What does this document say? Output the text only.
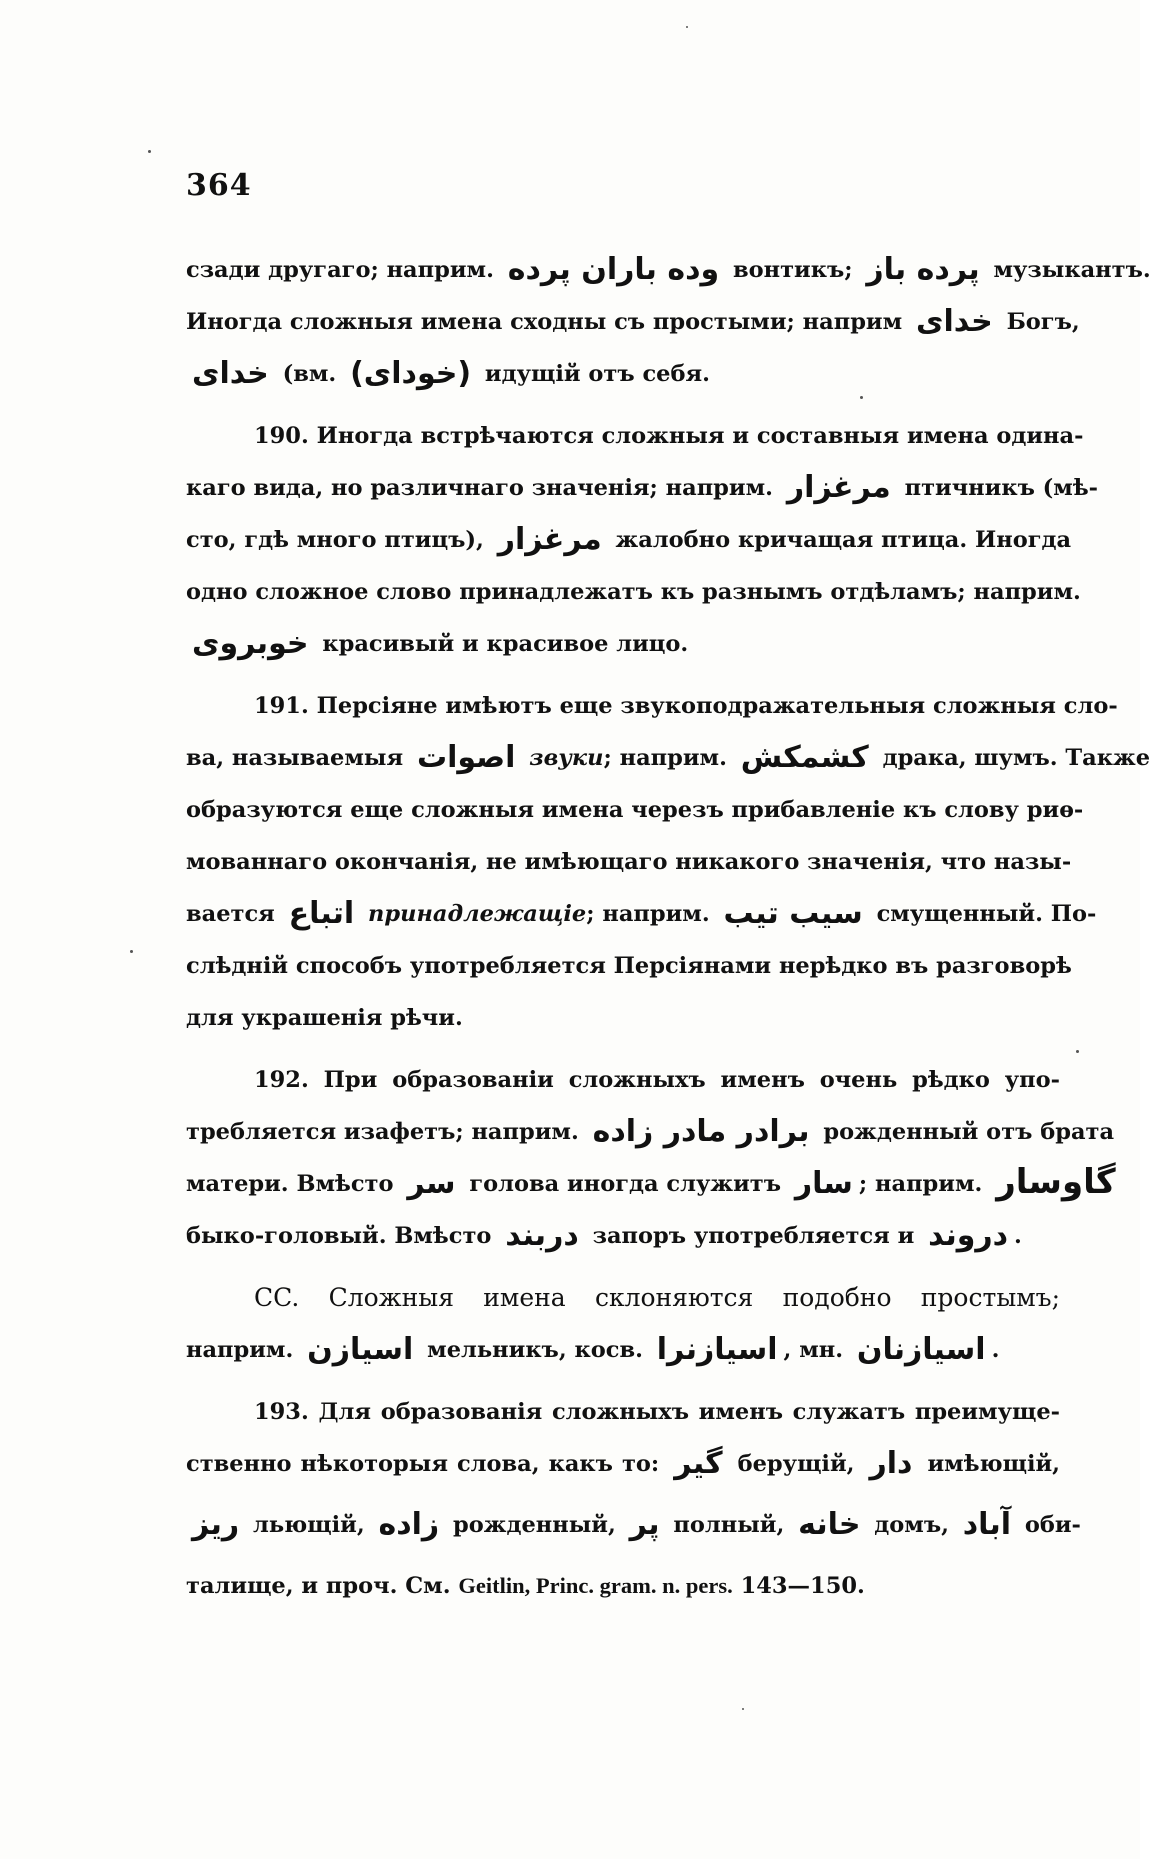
364
сзади другаго; наприм. وده باران پرده вонтикъ; پرده باز музыкантъ.
Иногда сложныя имена сходны съ простыми; наприм خدای Богъ,
خدای (вм. (خودای) идущій отъ себя.
190. Иногда встрѣчаются сложныя и составныя имена одина-
каго вида, но различнаго значенія; наприм. مرغزار птичникъ (мѣ-
сто, гдѣ много птицъ), مرغزار жалобно кричащая птица. Иногда
одно сложное слово принадлежатъ къ разнымъ отдѣламъ; наприм.
خوبروی красивый и красивое лицо.
191. Персіяне имѣютъ еще звукоподражательныя сложныя сло-
ва, называемыя اصوات звуки; наприм. کشمکش драка, шумъ. Также
образуются еще сложныя имена черезъ прибавленіе къ слову риѳ-
мованнаго окончанія, не имѣющаго никакого значенія, что назы-
вается اتباع принадлежащіе; наприм. سیب تیب смущенный. По-
слѣдній способъ употребляется Персіянами нерѣдко въ разговорѣ
для украшенія рѣчи.
192. При образованіи сложныхъ именъ очень рѣдко упо-
требляется изафетъ; наприм. برادر مادر زاده рожденный отъ брата
матери. Вмѣсто سر голова иногда служитъ سار ; наприм. گاوسار
быко-головый. Вмѣсто دربند запоръ употребляется и دروند .
CC. Сложныя имена склоняются подобно простымъ;
наприм. اسیازن мельникъ, косв. اسیازنرا , мн. اسیازنان .
193. Для образованія сложныхъ именъ служатъ преимуще-
ственно нѣкоторыя слова, какъ то: گیر берущій, دار имѣющій,
ریز льющій, زاده рожденный, پر полный, خانه домъ, آباد оби-
талище, и проч. См. Geitlin, Princ. gram. n. pers. 143—150.
